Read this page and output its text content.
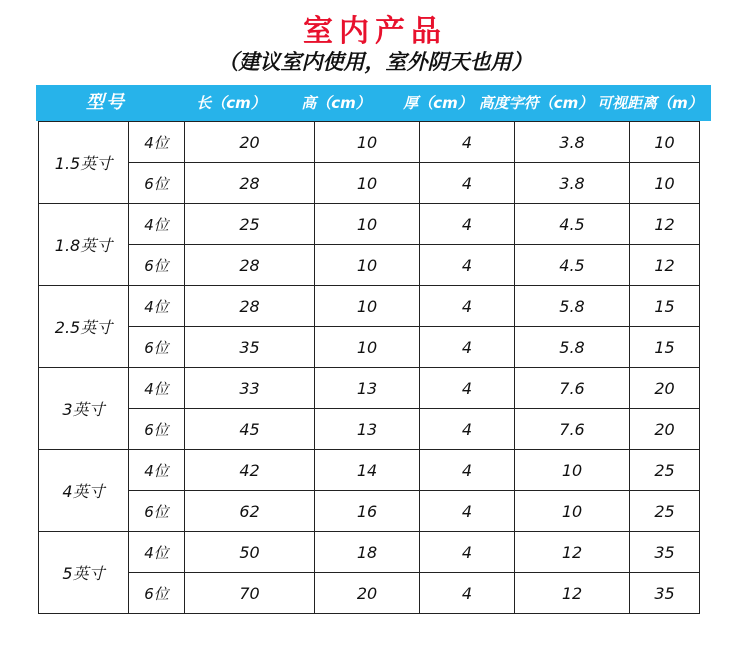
室内产品
（建议室内使用，室外阴天也用）
型号	长（cm）	高（cm）	厚（cm） 高度字符（cm） 可视距离（m）
1.5英寸	4位	20	10	4	3.8	10	
	6位	28	10	4	3.8	10	
1.8英寸	4位	25	10	4	4.5	12	
	6位	28	10	4	4.5	12	
2.5英寸	4位	28	10	4	5.8	15	
	6位	35	10	4	5.8	15	
3英寸	4位	33	13	4	7.6	20	
	6位	45	13	4	7.6	20	
4英寸	4位	42	14	4	10	25	
	6位	62	16	4	10	25	
5英寸	4位	50	18	4	12	35	
	6位	70	20	4	12	35	
